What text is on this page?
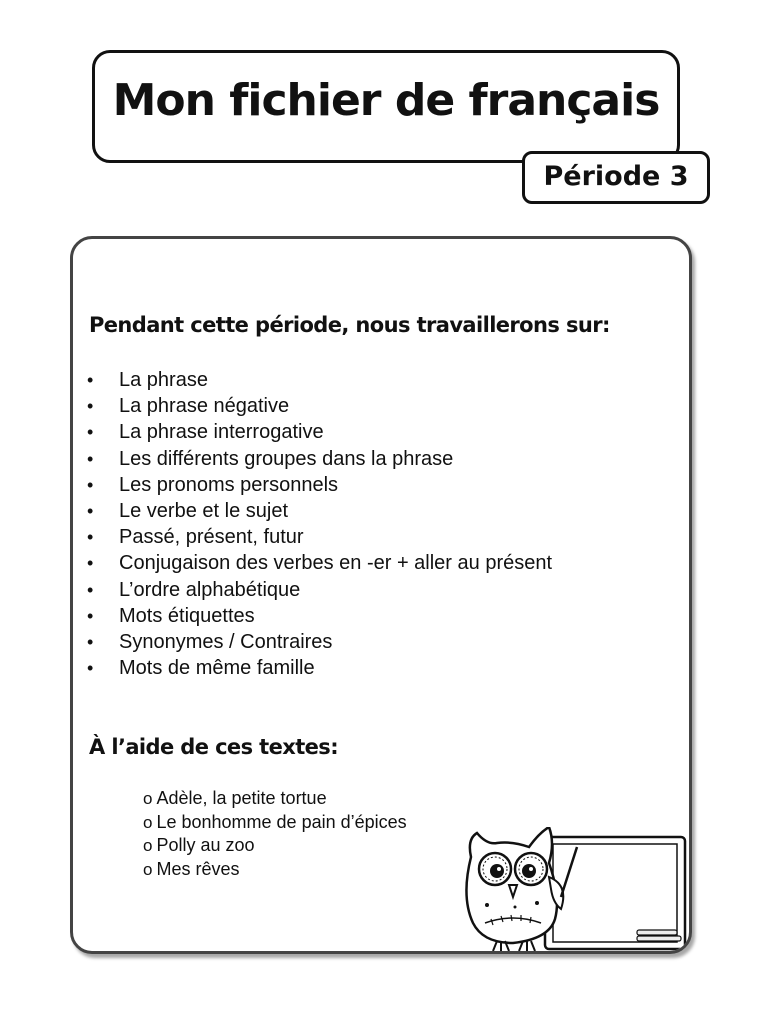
Mon fichier de français
Période 3
Pendant cette période, nous travaillerons sur:
• La phrase
• La phrase négative
• La phrase interrogative
• Les différents groupes dans la phrase
• Les pronoms personnels
• Le verbe et le sujet
• Passé, présent, futur
• Conjugaison des verbes en -er + aller au présent
• L’ordre alphabétique
• Mots étiquettes
• Synonymes / Contraires
• Mots de même famille
À l’aide de ces textes:
o Adèle, la petite tortue
o Le bonhomme de pain d’épices
o Polly au zoo
o Mes rêves
